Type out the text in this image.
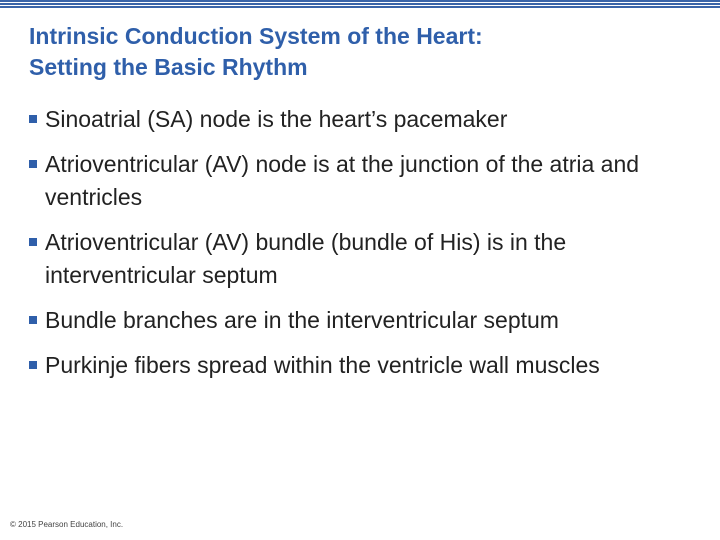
Intrinsic Conduction System of the Heart:
Setting the Basic Rhythm
Sinoatrial (SA) node is the heart’s pacemaker
Atrioventricular (AV) node is at the junction of the atria and ventricles
Atrioventricular (AV) bundle (bundle of His) is in the interventricular septum
Bundle branches are in the interventricular septum
Purkinje fibers spread within the ventricle wall muscles
© 2015 Pearson Education, Inc.
